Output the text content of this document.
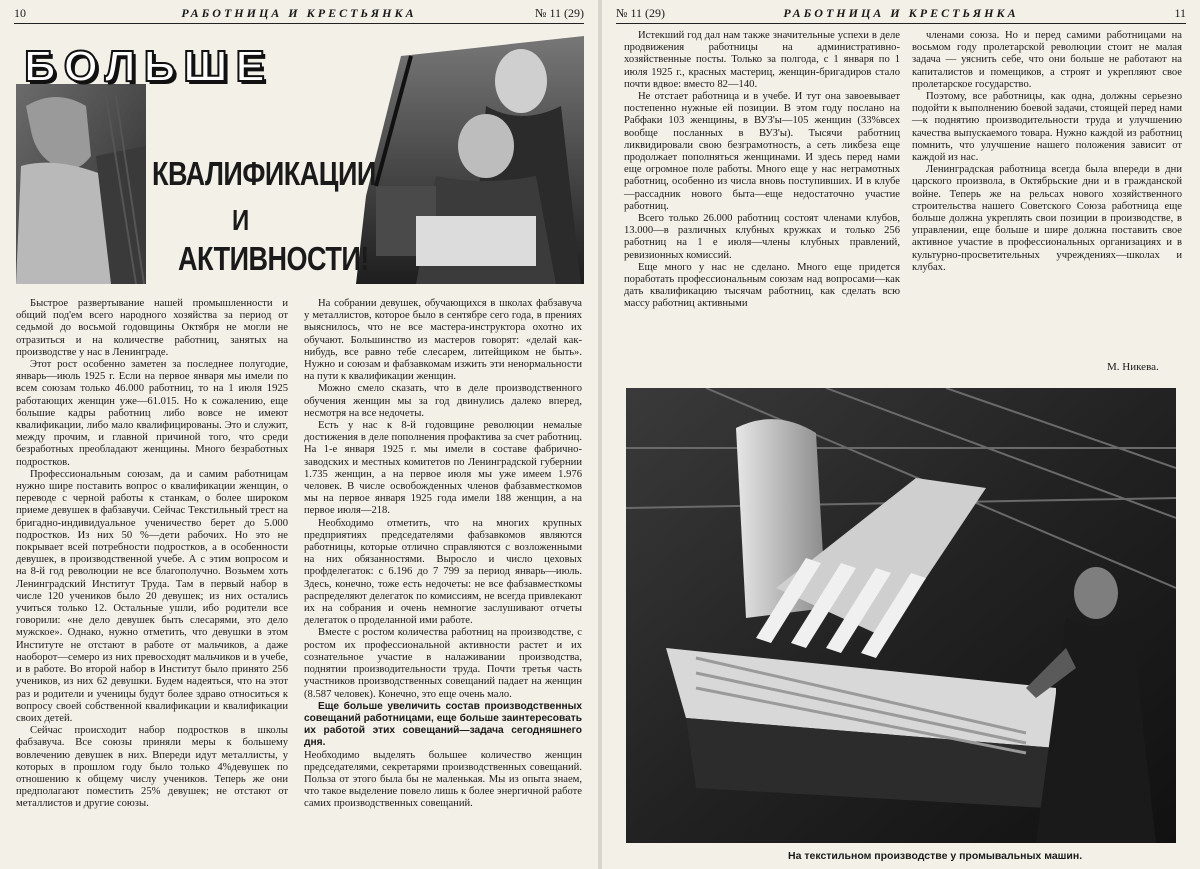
10	РАБОТНИЦА И КРЕСТЬЯНКА	№ 11 (29)
БОЛЬШЕ
КВАЛИФИКАЦИИ
И
АКТИВНОСТИ!

Быстрое развертывание нашей промышленности и общий под'ем всего народного хозяйства за период от седьмой до восьмой годовщины Октября не могли не отразиться и на количестве работниц, занятых на производстве у нас в Ленинграде.

Этот рост особенно заметен за последнее полугодие, январь—июль 1925 г. Если на первое января мы имели по всем союзам только 46.000 работниц, то на 1 июля 1925 работающих женщин уже—61.015. Но к сожалению, еще большие кадры работниц либо вовсе не имеют квалификации, либо мало квалифицированы. Это и служит, между прочим, и главной причиной того, что среди безработных преобладают женщины. Много безработных подростков.

Профессиональным союзам, да и самим работницам нужно шире поставить вопрос о квалификации женщин, о переводе с черной работы к станкам, о более широком приеме девушек в фабзавучи. Сейчас Текстильный трест на бригадно-индивидуальное ученичество берет до 5.000 подростков. Из них 50 %—дети рабочих. Но это не покрывает всей потребности подростков, а в особенности девушек, в производственной учебе. А с этим вопросом и на 8-й год революции не все благополучно. Возьмем хоть Ленинградский Институт Труда. Там в первый набор в числе 120 учеников было 20 девушек; из них остались учиться только 12. Остальные ушли, ибо родители все говорили: «не дело девушек быть слесарями, это дело мужское». Однако, нужно отметить, что девушки в этом Институте не отстают в работе от мальчиков, а даже наоборот—семеро из них превосходят мальчиков и в учебе, и в работе. Во второй набор в Институт было принято 256 учеников, из них 62 девушки. Будем надеяться, что на этот раз и родители и ученицы будут более здраво относиться к вопросу своей собственной квалификации и квалификации своих детей.

Сейчас происходит набор подростков в школы фабзавуча. Все союзы приняли меры к большему вовлечению девушек в них. Впереди идут металлисты, у которых в прошлом году было только 4%девушек по отношению к общему числу учеников. Теперь же они предполагают поместить 25% девушек; не отстают от металлистов и другие союзы.

На собрании девушек, обучающихся в школах фабзавуча у металлистов, которое было в сентябре сего года, в прениях выяснилось, что не все мастера-инструктора охотно их обучают. Большинство из мастеров говорят: «делай как-нибудь, все равно тебе слесарем, литейщиком не быть». Нужно и союзам и фабзавкомам изжить эти ненормальности на пути к квалификации женщин.

Можно смело сказать, что в деле производственного обучения женщин мы за год двинулись далеко вперед, несмотря на все недочеты.

Есть у нас к 8-й годовщине революции немалые достижения в деле пополнения профактива за счет работниц. На 1-е января 1925 г. мы имели в составе фабрично-заводских и местных комитетов по Ленинградской губернии 1.735 женщин, а на первое июля мы уже имеем 1.976 человек. В числе освобожденных членов фабзавместкомов мы на первое января 1925 года имели 188 женщин, а на первое июля—218.

Необходимо отметить, что на многих крупных предприятиях председателями фабзавкомов являются работницы, которые отлично справляются с возложенными на них обязанностями. Выросло и число цеховых профделегаток: с 6.196 до 7 799 за период январь—июль. Здесь, конечно, тоже есть недочеты: не все фабзавместкомы распределяют делегаток по комиссиям, не всегда привлекают их на собрания и очень немногие заслушивают отчеты делегаток о проделанной ими работе.

Вместе с ростом количества работниц на производстве, с ростом их профессиональной активности растет и их сознательное участие в налаживании производства, поднятии производительности труда. Почти третья часть участников производственных совещаний падает на женщин (8.587 человек). Конечно, это еще очень мало.

Еще больше увеличить состав производственных совещаний работницами, еще больше заинтересовать их работой этих совещаний—задача сегодняшнего дня.

Необходимо выделять большее количество женщин председателями, секретарями производственных совещаний. Польза от этого была бы не маленькая. Мы из опыта знаем, что такое выделение повело лишь к более энергичной работе самих производственных совещаний.

№ 11 (29)	РАБОТНИЦА И КРЕСТЬЯНКА	11

Истекший год дал нам также значительные успехи в деле продвижения работницы на административно-хозяйственные посты. Только за полгода, с 1 января по 1 июля 1925 г., красных мастериц, женщин-бригадиров стало почти вдвое: вместо 82—140.

Не отстает работница и в учебе. И тут она завоевывает постепенно нужные ей позиции. В этом году послано на Рабфаки 103 женщины, в ВУЗ'ы—105 женщин (33%всех вообще посланных в ВУЗ'ы). Тысячи работниц ликвидировали свою безграмотность, а сеть ликбеза еще продолжает пополняться женщинами. И здесь перед нами еще огромное поле работы. Много еще у нас неграмотных работниц, особенно из числа вновь поступивших. И в клубе—рассадник нового быта—еще недостаточно участие работниц.

Всего только 26.000 работниц состоят членами клубов, 13.000—в различных клубных кружках и только 256 работниц на 1 е июля—члены клубных правлений, ревизионных комиссий.

Еще много у нас не сделано. Много еще придется поработать профессиональным союзам над вопросами—как дать квалификацию тысячам работниц, как сделать всю массу работниц активными

членами союза. Но и перед самими работницами на восьмом году пролетарской революции стоит не малая задача — уяснить себе, что они больше не работают на капиталистов и помещиков, а строят и укрепляют свое пролетарское государство.

Поэтому, все работницы, как одна, должны серьезно подойти к выполнению боевой задачи, стоящей перед нами—к поднятию производительности труда и улучшению качества выпускаемого товара. Нужно каждой из работниц помнить, что улучшение нашего положения зависит от каждой из нас.

Ленинградская работница всегда была впереди в дни царского произвола, в Октябрьские дни и в гражданской войне. Теперь же на рельсах нового хозяйственного строительства нашего Советского Союза работница еще больше должна укреплять свои позиции в производстве, в управлении, еще больше и шире должна поставить свое активное участие в профессиональных организациях и в культурно-просветительных учреждениях—школах и клубах.

На текстильном производстве у промывальных машин.
М. Никева.
